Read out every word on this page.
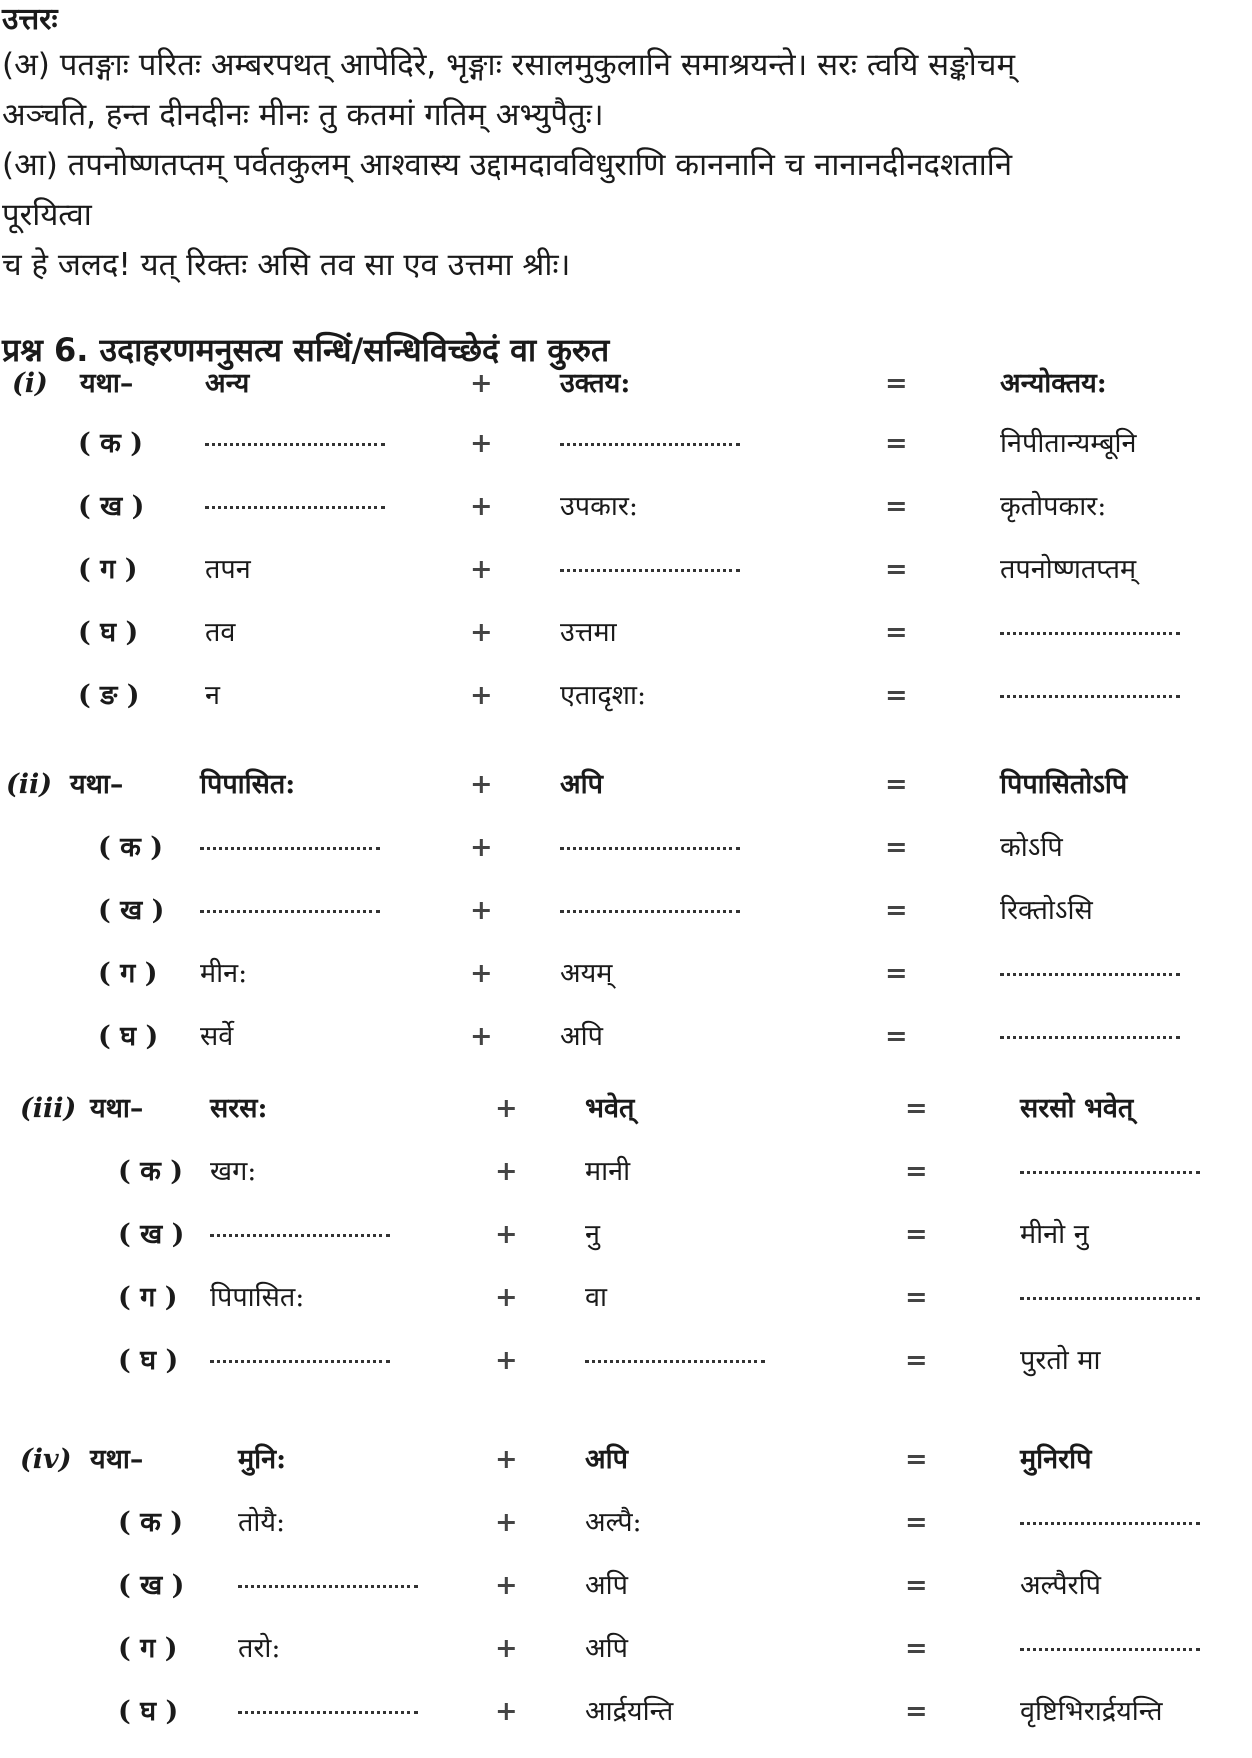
उत्तरः
(अ) पतङ्गाः परितः अम्बरपथत् आपेदिरे, भृङ्गाः रसालमुकुलानि समाश्रयन्ते। सरः त्वयि सङ्कोचम्
अञ्चति, हन्त दीनदीनः मीनः तु कतमां गतिम् अभ्युपैतुः।
(आ) तपनोष्णतप्तम् पर्वतकुलम् आश्वास्य उद्दामदावविधुराणि काननानि च नानानदीनदशतानि
पूरयित्वा
च हे जलद! यत् रिक्तः असि तव सा एव उत्तमा श्रीः।
प्रश्न 6. उदाहरणमनुसत्य सन्धिं/सन्धिविच्छेदं वा कुरुत
(i) यथा–	अन्य	+ उक्तय:	=	अन्योक्तय:
( क )	+	=	निपीतान्यम्बूनि
( ख )	+ उपकार:	=	कृतोपकार:
( ग ) तपन	+	=	तपनोष्णतप्तम्
( घ ) तव	+ उत्तमा	=
( ङ ) न	+ एतादृशा:	=
(ii) यथा–	पिपासित:	+ अपि	=	पिपासितोऽपि
( क )	+	=	कोऽपि
( ख )	+	=	रिक्तोऽसि
( ग ) मीन:	+ अयम्	=
( घ ) सर्वे	+ अपि	=
(iii) यथा– सरस:	+ भवेत्	=	सरसो भवेत्
( क ) खग:	+ मानी	=
( ख )	+ नु	=	मीनो नु
( ग ) पिपासित:	+ वा	=
( घ )	+	=	पुरतो मा
(iv) यथा–	मुनि:	+ अपि	=	मुनिरपि
( क ) तोयै:	+ अल्पै:	=
( ख )	+ अपि	=	अल्पैरपि
( ग ) तरो:	+ अपि	=
( घ )	+ आर्द्रयन्ति	=	वृष्टिभिरार्द्रयन्ति
